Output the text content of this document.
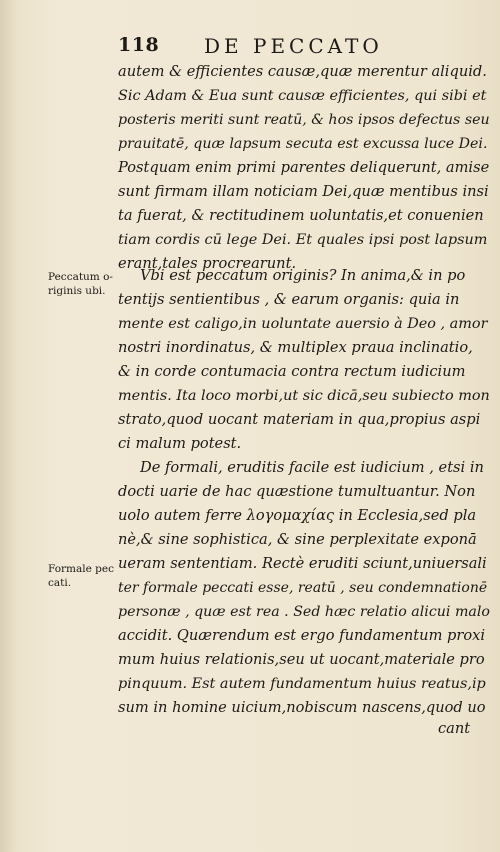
118 DE PECCATO
Peccatum o-
riginis ubi.
Formale pec
cati.
autem & efficientes causæ,quæ merentur aliquid.
Sic Adam & Eua sunt causæ efficientes, qui sibi et
posteris meriti sunt reatū, & hos ipsos defectus seu
prauitatē, quæ lapsum secuta est excussa luce Dei.
Postquam enim primi parentes deliquerunt, amise
sunt firmam illam noticiam Dei,quæ mentibus insi
ta fuerat, & rectitudinem uoluntatis,et conuenien
tiam cordis cū lege Dei. Et quales ipsi post lapsum
erant,tales procrearunt.
Vbi est peccatum originis? In anima,& in po
tentijs sentientibus , & earum organis: quia in
mente est caligo,in uoluntate auersio à Deo , amor
nostri inordinatus, & multiplex praua inclinatio,
& in corde contumacia contra rectum iudicium
mentis. Ita loco morbi,ut sic dicā,seu subiecto mon
strato,quod uocant materiam in qua,propius aspi
ci malum potest.
De formali, eruditis facile est iudicium , etsi in
docti uarie de hac quæstione tumultuantur. Non
uolo autem ferre λογομαχίας in Ecclesia,sed pla
nè,& sine sophistica, & sine perplexitate exponā
ueram sententiam. Rectè eruditi sciunt,uniuersali
ter formale peccati esse, reatū , seu condemnationē
personæ , quæ est rea . Sed hæc relatio alicui malo
accidit. Quærendum est ergo fundamentum proxi
mum huius relationis,seu ut uocant,materiale pro
pinquum. Est autem fundamentum huius reatus,ip
sum in homine uicium,nobiscum nascens,quod uo
cant
